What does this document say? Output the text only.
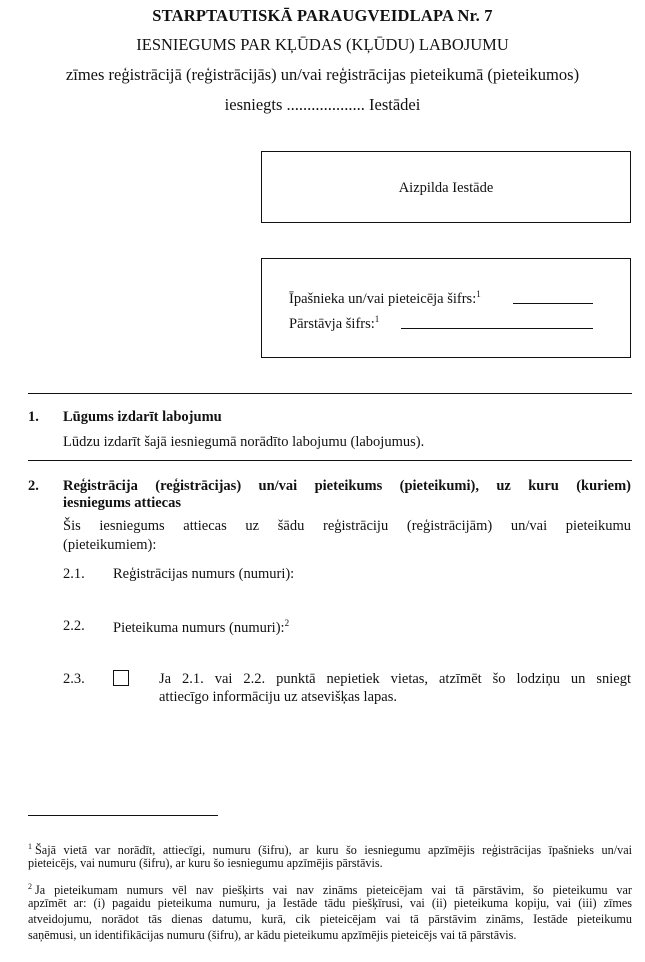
STARPTAUTISKĀ PARAUGVEIDLAPA Nr. 7
IESNIEGUMS PAR KĻŪDAS (KĻŪDU) LABOJUMU
zīmes reģistrācijā (reģistrācijās) un/vai reģistrācijas pieteikumā (pieteikumos)
iesniegts ................... Iestādei
Aizpilda Iestāde
Īpašnieka un/vai pieteicēja šifrs:$^1$
Pārstāvja šifrs:$^1$
1. Lūgums izdarīt labojumu
Lūdzu izdarīt šajā iesniegumā norādīto labojumu (labojumus).
2. Reģistrācija (reģistrācijas) un/vai pieteikums (pieteikumi), uz kuru (kuriem)
iesniegums attiecas
Šis iesniegums attiecas uz šādu reģistrāciju (reģistrācijām) un/vai pieteikumu
(pieteikumiem):
2.1. Reģistrācijas numurs (numuri):
2.2. Pieteikuma numurs (numuri):$^2$
2.3.	Ja 2.1. vai 2.2. punktā nepietiek vietas, atzīmēt šo lodziņu un sniegt
attiecīgo informāciju uz atsevišķas lapas.
$^1$ Šajā vietā var norādīt, attiecīgi, numuru (šifru), ar kuru šo iesniegumu apzīmējis reģistrācijas īpašnieks un/vai
pieteicējs, vai numuru (šifru), ar kuru šo iesniegumu apzīmējis pārstāvis.
$^2$ Ja pieteikumam numurs vēl nav piešķirts vai nav zināms pieteicējam vai tā pārstāvim, šo pieteikumu var
apzīmēt ar: (i) pagaidu pieteikuma numuru, ja Iestāde tādu piešķīrusi, vai (ii) pieteikuma kopiju, vai (iii) zīmes
atveidojumu, norādot tās dienas datumu, kurā, cik pieteicējam vai tā pārstāvim zināms, Iestāde pieteikumu
saņēmusi, un identifikācijas numuru (šifru), ar kādu pieteikumu apzīmējis pieteicējs vai tā pārstāvis.
